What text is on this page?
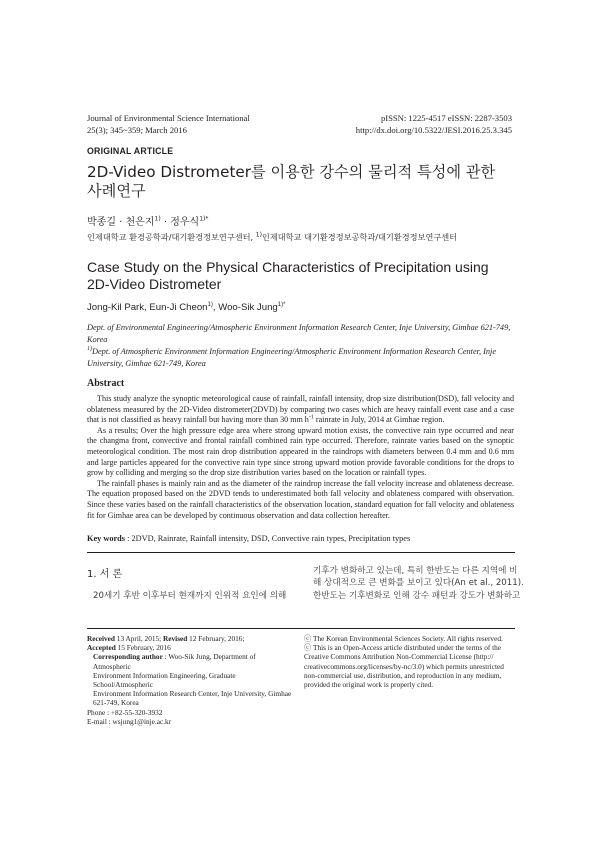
Journal of Environmental Science International
25(3); 345~359; March 2016
pISSN: 1225-4517 eISSN: 2287-3503
http://dx.doi.org/10.5322/JESI.2016.25.3.345
ORIGINAL ARTICLE
2D-Video Distrometer를 이용한 강수의 물리적 특성에 관한
사례연구
박종길 · 천은지$^{1)}$ · 정우식$^{1)*}$
인제대학교 환경공학과/대기환경정보연구센터, $^{1)}$인제대학교 대기환경정보공학과/대기환경정보연구센터
Case Study on the Physical Characteristics of Precipitation using
2D-Video Distrometer
Jong-Kil Park, Eun-Ji Cheon$^{1)}$, Woo-Sik Jung$^{1)*}$
Dept. of Environmental Engineering/Atmospheric Environment Information Research Center, Inje University, Gimhae 621-749, Korea
$^{1)}$Dept. of Atmospheric Environment Information Engineering/Atmospheric Environment Information Research Center, Inje University, Gimhae 621-749, Korea
Abstract

This study analyze the synoptic meteorological cause of rainfall, rainfall intensity, drop size distribution(DSD), fall velocity and oblateness measured by the 2D-Video distrometer(2DVD) by comparing two cases which are heavy rainfall event case and a case that is not classified as heavy rainfall but having more than 30 mm $h^{-1}$ rainrate in July, 2014 at Gimhae region.

As a results; Over the high pressure edge area where strong upward motion exists, the convective rain type occurred and near the changma front, convective and frontal rainfall combined rain type occurred. Therefore, rainrate varies based on the synoptic meteorological condition. The most rain drop distribution appeared in the raindrops with diameters between 0.4 mm and 0.6 mm and large particles appeared for the convective rain type since strong upward motion provide favorable conditions for the drops to grow by colliding and merging so the drop size distribution varies based on the location or rainfall types.

The rainfall phases is mainly rain and as the diameter of the raindrop increase the fall velocity increase and oblateness decrease. The equation proposed based on the 2DVD tends to underestimated both fall velocity and oblateness compared with observation. Since these varies based on the rainfall characteristics of the observation location, standard equation for fall velocity and oblateness fit for Gimhae area can be developed by continuous observation and data collection hereafter.

Key words : 2DVD, Rainrate, Rainfall intensity, DSD, Convective rain types, Precipitation types
1. 서 론
20세기 후반 이후부터 현재까지 인위적 요인에 의해
기후가 변화하고 있는데, 특히 한반도는 다른 지역에 비
해 상대적으로 큰 변화를 보이고 있다(An et al., 2011).
한반도는 기후변화로 인해 강수 패턴과 강도가 변화하고
Received 13 April, 2015; Revised 12 February, 2016;
Accepted 15 February, 2016
Corresponding author : Woo-Sik Jung, Department of Atmospheric
Environment Information Engineering, Graduate School/Atmospheric
Environment Information Research Center, Inje University, Gimhae
621-749, Korea
Phone : +82-55-320-3932
E-mail : wsjung1@inje.ac.kr
ⓒ The Korean Environmental Sciences Society. All rights reserved.
ⓒ This is an Open-Access article distributed under the terms of the
Creative Commons Attribution Non-Commercial License (http://
creativecommons.org/licenses/by-nc/3.0) which permits unrestricted
non-commercial use, distribution, and reproduction in any medium,
provided the original work is properly cited.
